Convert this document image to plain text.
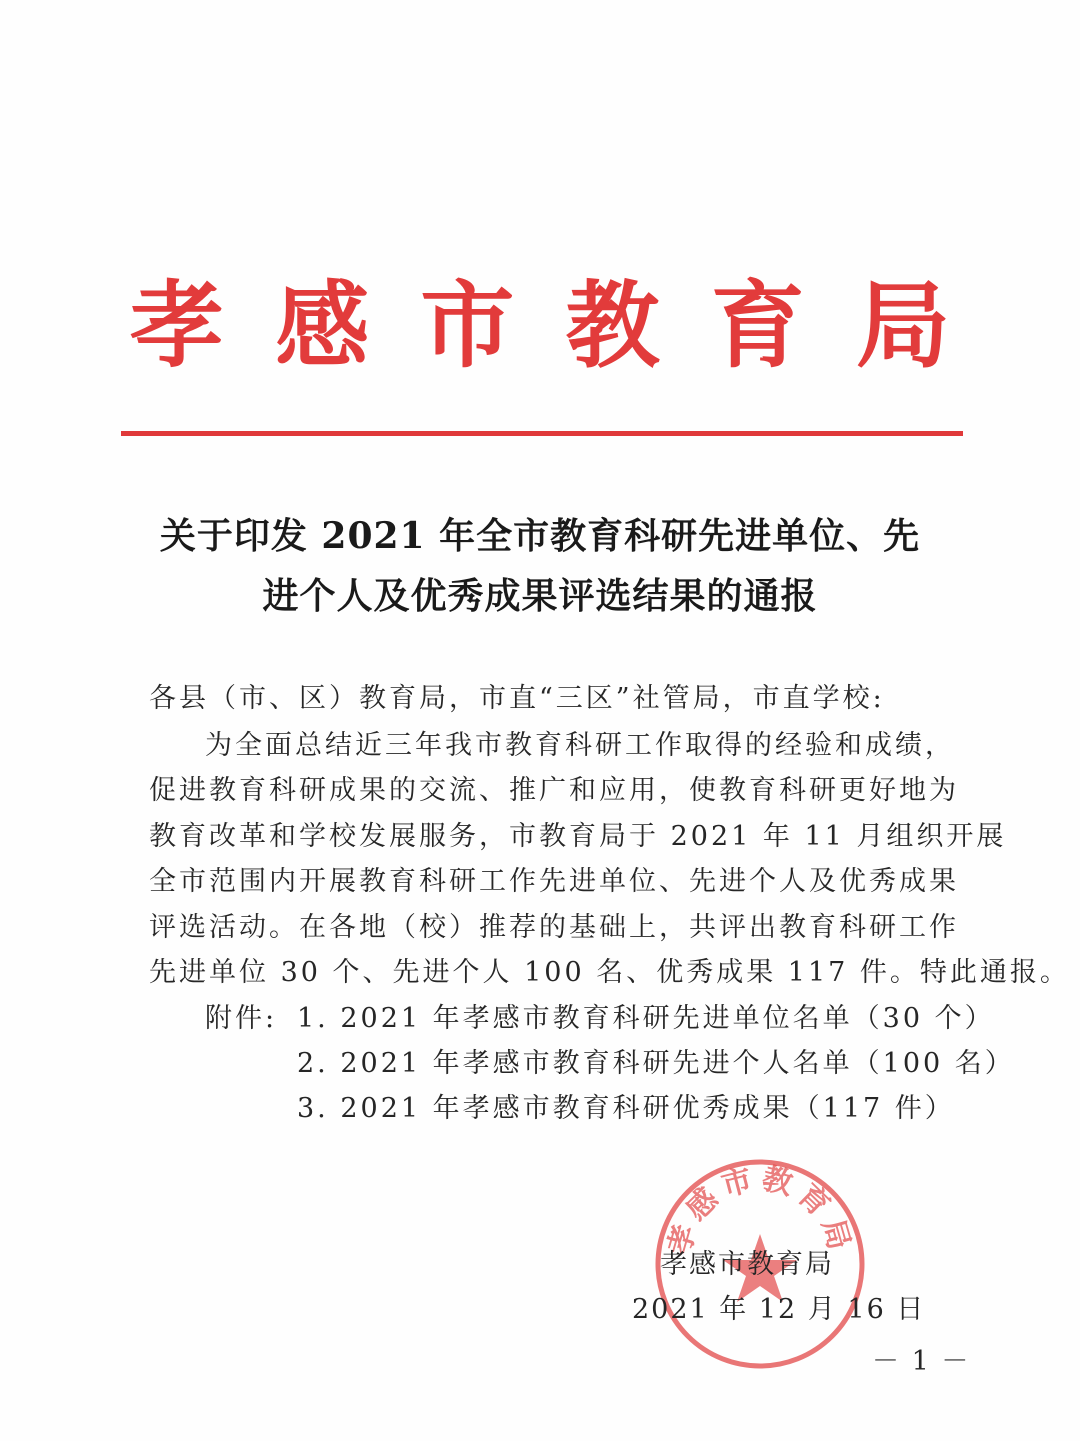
孝 感 市 教 育 局
关于印发 2021 年全市教育科研先进单位、先
进个人及优秀成果评选结果的通报
各县（市、区）教育局，市直“三区”社管局，市直学校:
为全面总结近三年我市教育科研工作取得的经验和成绩，
促进教育科研成果的交流、推广和应用，使教育科研更好地为
教育改革和学校发展服务，市教育局于 2021 年 11 月组织开展
全市范围内开展教育科研工作先进单位、先进个人及优秀成果
评选活动。在各地（校）推荐的基础上，共评出教育科研工作
先进单位 30 个、先进个人 100 名、优秀成果 117 件。特此通报。
附件: 1. 2021 年孝感市教育科研先进单位名单（30 个）
2. 2021 年孝感市教育科研先进个人名单（100 名）
3. 2021 年孝感市教育科研优秀成果（117 件）
孝感市教育局
孝感市教育局
2021 年 12 月 16 日
－ 1 －
